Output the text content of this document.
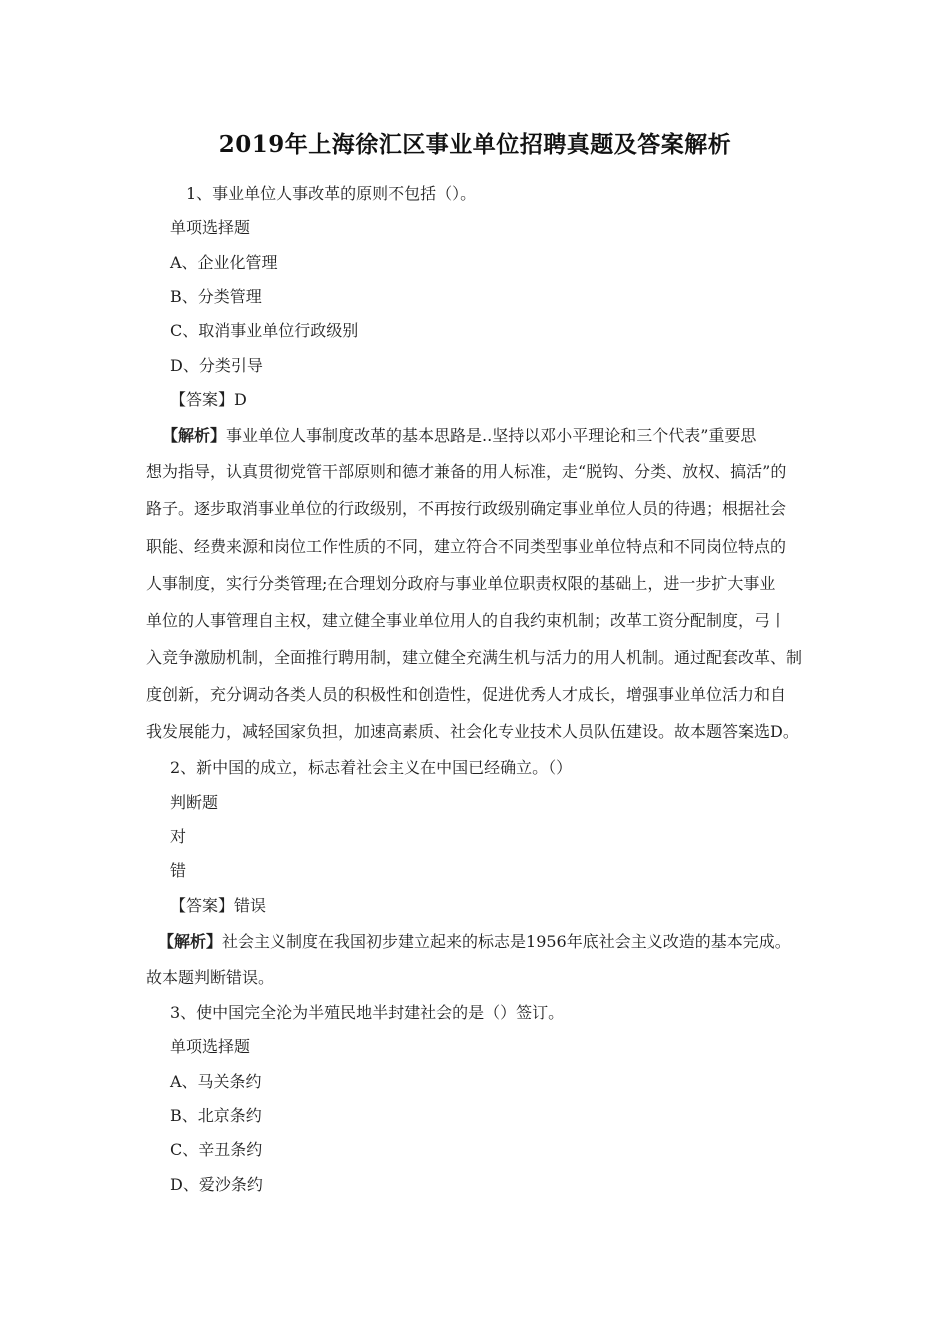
2019年上海徐汇区事业单位招聘真题及答案解析
1、事业单位人事改革的原则不包括（）。
单项选择题
A、企业化管理
B、分类管理
C、取消事业单位行政级别
D、分类引导
【答案】D
【解析】事业单位人事制度改革的基本思路是..坚持以邓小平理论和三个代表”重要思
想为指导，认真贯彻党管干部原则和德才兼备的用人标准，走“脱钩、分类、放权、搞活”的
路子。逐步取消事业单位的行政级别，不再按行政级别确定事业单位人员的待遇；根据社会
职能、经费来源和岗位工作性质的不同，建立符合不同类型事业单位特点和不同岗位特点的
人事制度，实行分类管理;在合理划分政府与事业单位职责权限的基础上，进一步扩大事业
单位的人事管理自主权，建立健全事业单位用人的自我约束机制；改革工资分配制度，弓丨
入竞争激励机制，全面推行聘用制，建立健全充满生机与活力的用人机制。通过配套改革、制
度创新，充分调动各类人员的积极性和创造性，促进优秀人才成长，增强事业单位活力和自
我发展能力，减轻国家负担，加速高素质、社会化专业技术人员队伍建设。故本题答案选D。
2、新中国的成立，标志着社会主义在中国已经确立。（）
判断题
对
错
【答案】错误
【解析】社会主义制度在我国初步建立起来的标志是1956年底社会主义改造的基本完成。
故本题判断错误。
3、使中国完全沦为半殖民地半封建社会的是（）签订。
单项选择题
A、马关条约
B、北京条约
C、辛丑条约
D、爱沙条约
